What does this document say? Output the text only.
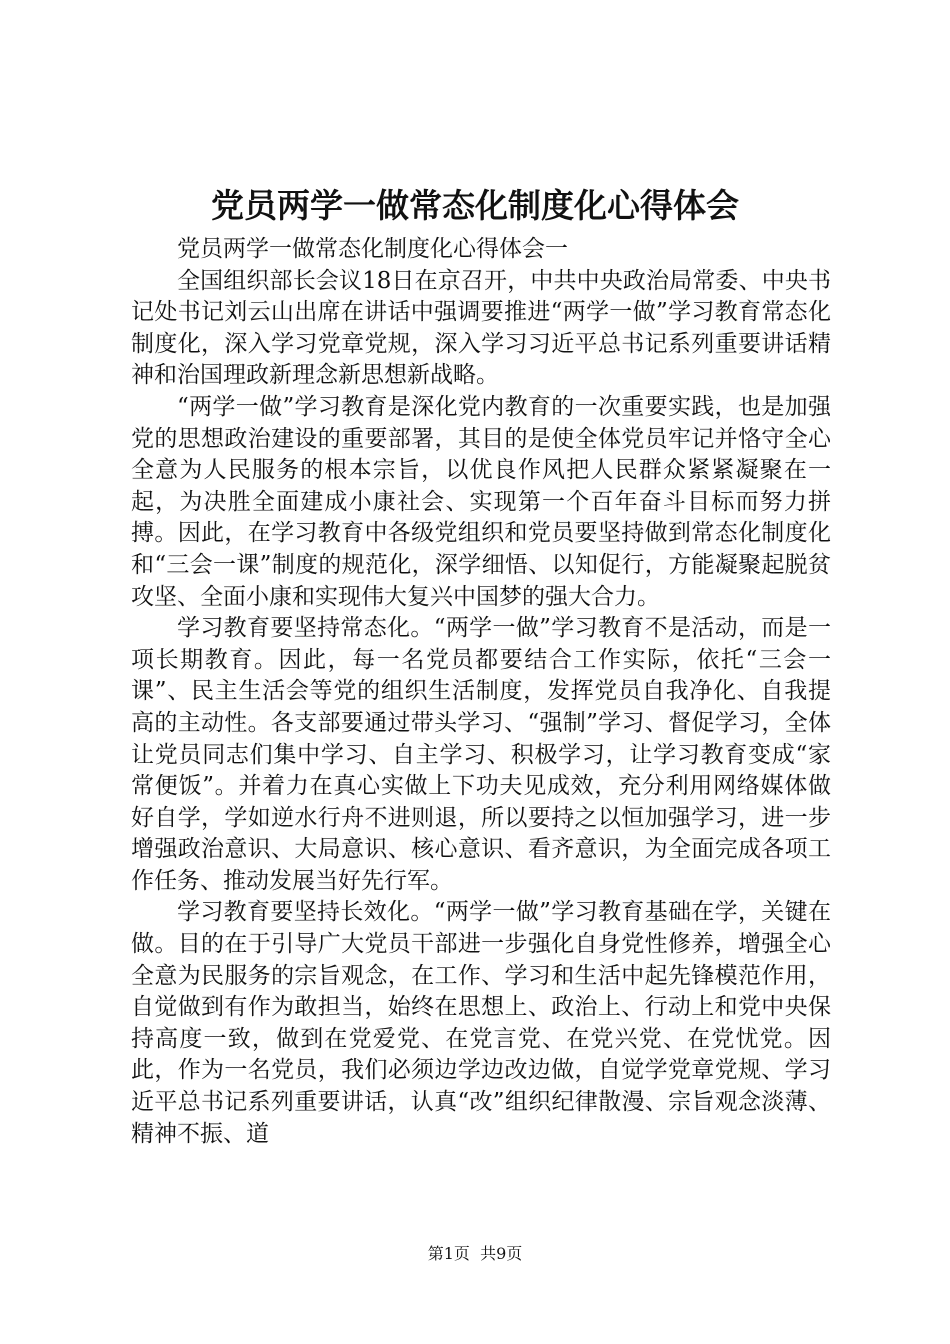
党员两学一做常态化制度化心得体会

党员两学一做常态化制度化心得体会一

全国组织部长会议18日在京召开，中共中央政治局常委、中央书记处书记刘云山出席在讲话中强调要推进“两学一做”学习教育常态化制度化，深入学习党章党规，深入学习习近平总书记系列重要讲话精神和治国理政新理念新思想新战略。

“两学一做”学习教育是深化党内教育的一次重要实践，也是加强党的思想政治建设的重要部署，其目的是使全体党员牢记并恪守全心全意为人民服务的根本宗旨，以优良作风把人民群众紧紧凝聚在一起，为决胜全面建成小康社会、实现第一个百年奋斗目标而努力拼搏。因此，在学习教育中各级党组织和党员要坚持做到常态化制度化和“三会一课”制度的规范化，深学细悟、以知促行，方能凝聚起脱贫攻坚、全面小康和实现伟大复兴中国梦的强大合力。

学习教育要坚持常态化。“两学一做”学习教育不是活动，而是一项长期教育。因此，每一名党员都要结合工作实际，依托“三会一课”、民主生活会等党的组织生活制度，发挥党员自我净化、自我提高的主动性。各支部要通过带头学习、“强制”学习、督促学习，全体让党员同志们集中学习、自主学习、积极学习，让学习教育变成“家常便饭”。并着力在真心实做上下功夫见成效，充分利用网络媒体做好自学，学如逆水行舟不进则退，所以要持之以恒加强学习，进一步增强政治意识、大局意识、核心意识、看齐意识，为全面完成各项工作任务、推动发展当好先行军。

学习教育要坚持长效化。“两学一做”学习教育基础在学，关键在做。目的在于引导广大党员干部进一步强化自身党性修养，增强全心全意为民服务的宗旨观念，在工作、学习和生活中起先锋模范作用，自觉做到有作为敢担当，始终在思想上、政治上、行动上和党中央保持高度一致，做到在党爱党、在党言党、在党兴党、在党忧党。因此，作为一名党员，我们必须边学边改边做，自觉学党章党规、学习近平总书记系列重要讲话，认真“改”组织纪律散漫、宗旨观念淡薄、精神不振、道

第1页 共9页
